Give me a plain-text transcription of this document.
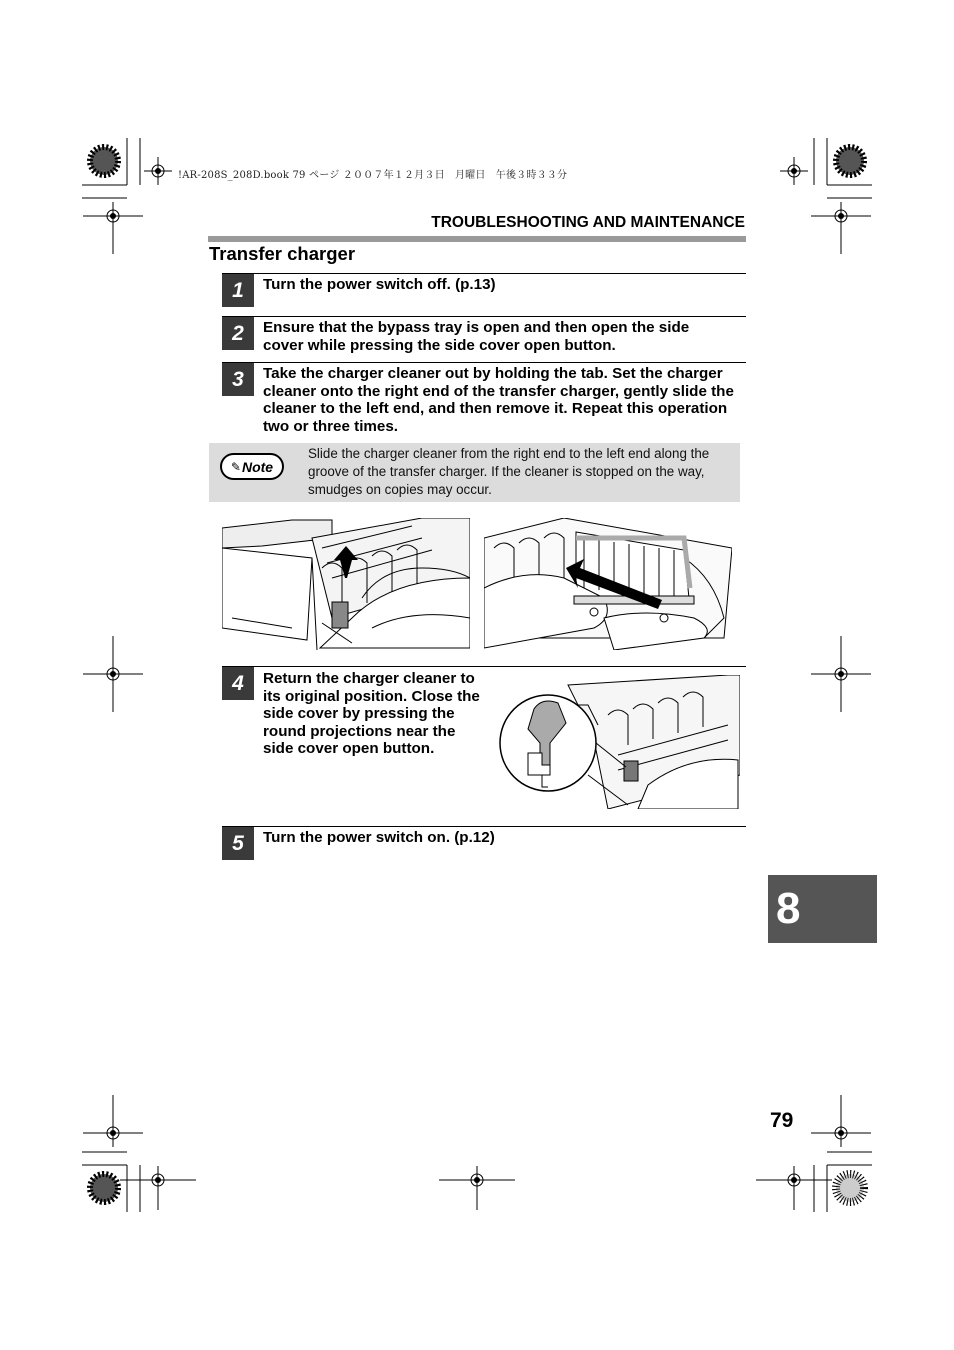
!AR-208S_208D.book 79 ページ ２００７年１２月３日　月曜日　午後３時３３分
TROUBLESHOOTING AND MAINTENANCE
Transfer charger
1	Turn the power switch off. (p.13)
2	Ensure that the bypass tray is open and then open the side cover while pressing the side cover open button.
3	Take the charger cleaner out by holding the tab. Set the charger cleaner onto the right end of the transfer charger, gently slide the cleaner to the left end, and then remove it. Repeat this operation two or three times.
✎ Note
Slide the charger cleaner from the right end to the left end along the groove of the transfer charger. If the cleaner is stopped on the way, smudges on copies may occur.
4	Return the charger cleaner to its original position. Close the side cover by pressing the round projections near the side cover open button.
5	Turn the power switch on. (p.12)
8
79
